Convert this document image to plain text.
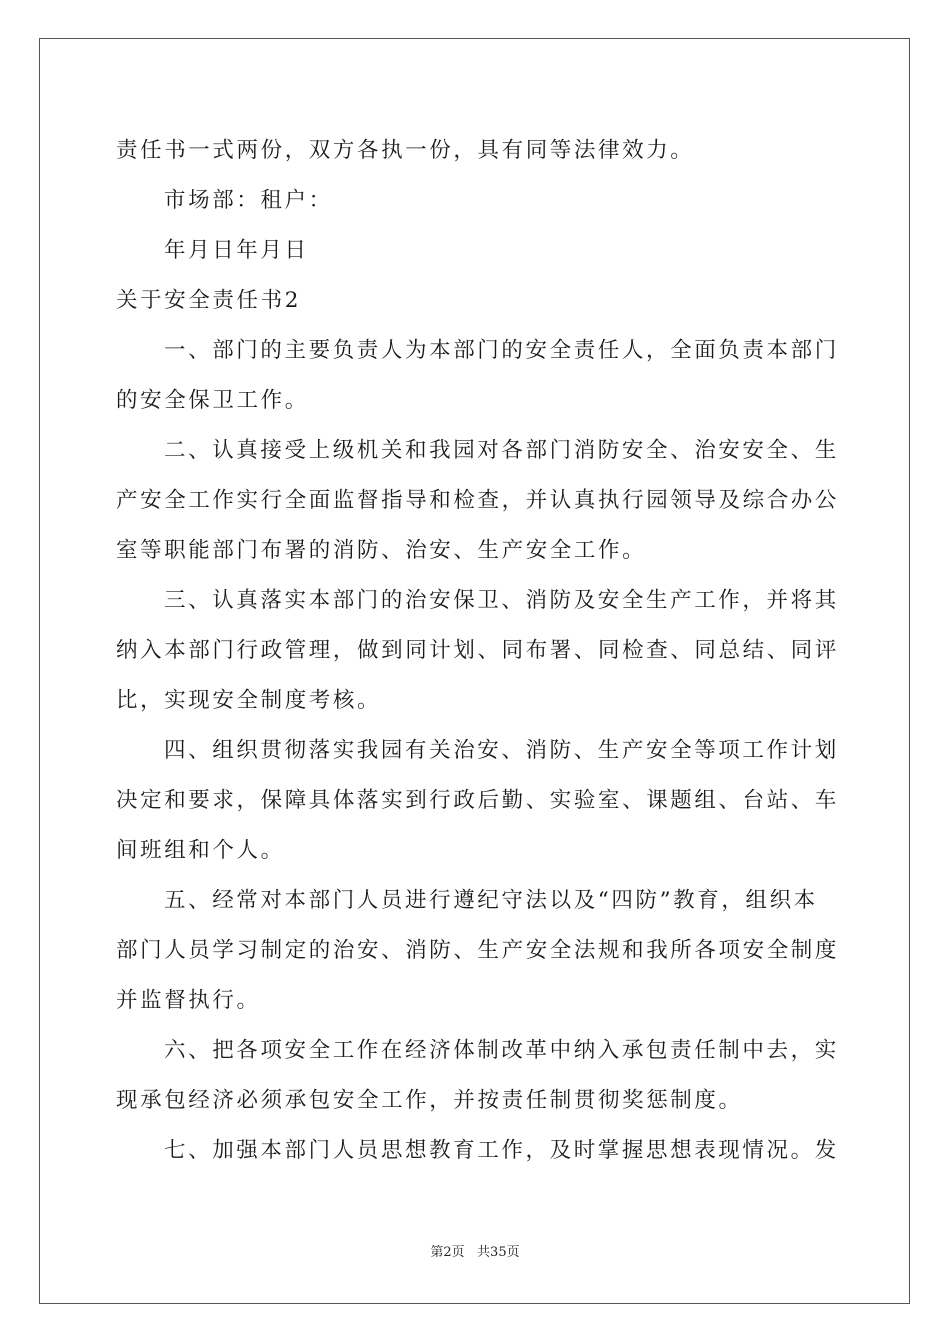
责任书一式两份，双方各执一份，具有同等法律效力。
市场部：租户：
年月日年月日
关于安全责任书2
一、部门的主要负责人为本部门的安全责任人，全面负责本部门
的安全保卫工作。
二、认真接受上级机关和我园对各部门消防安全、治安安全、生
产安全工作实行全面监督指导和检查，并认真执行园领导及综合办公
室等职能部门布署的消防、治安、生产安全工作。
三、认真落实本部门的治安保卫、消防及安全生产工作，并将其
纳入本部门行政管理，做到同计划、同布署、同检查、同总结、同评
比，实现安全制度考核。
四、组织贯彻落实我园有关治安、消防、生产安全等项工作计划
决定和要求，保障具体落实到行政后勤、实验室、课题组、台站、车
间班组和个人。
五、经常对本部门人员进行遵纪守法以及“四防”教育，组织本
部门人员学习制定的治安、消防、生产安全法规和我所各项安全制度
并监督执行。
六、把各项安全工作在经济体制改革中纳入承包责任制中去，实
现承包经济必须承包安全工作，并按责任制贯彻奖惩制度。
七、加强本部门人员思想教育工作，及时掌握思想表现情况。发
第2页   共35页
